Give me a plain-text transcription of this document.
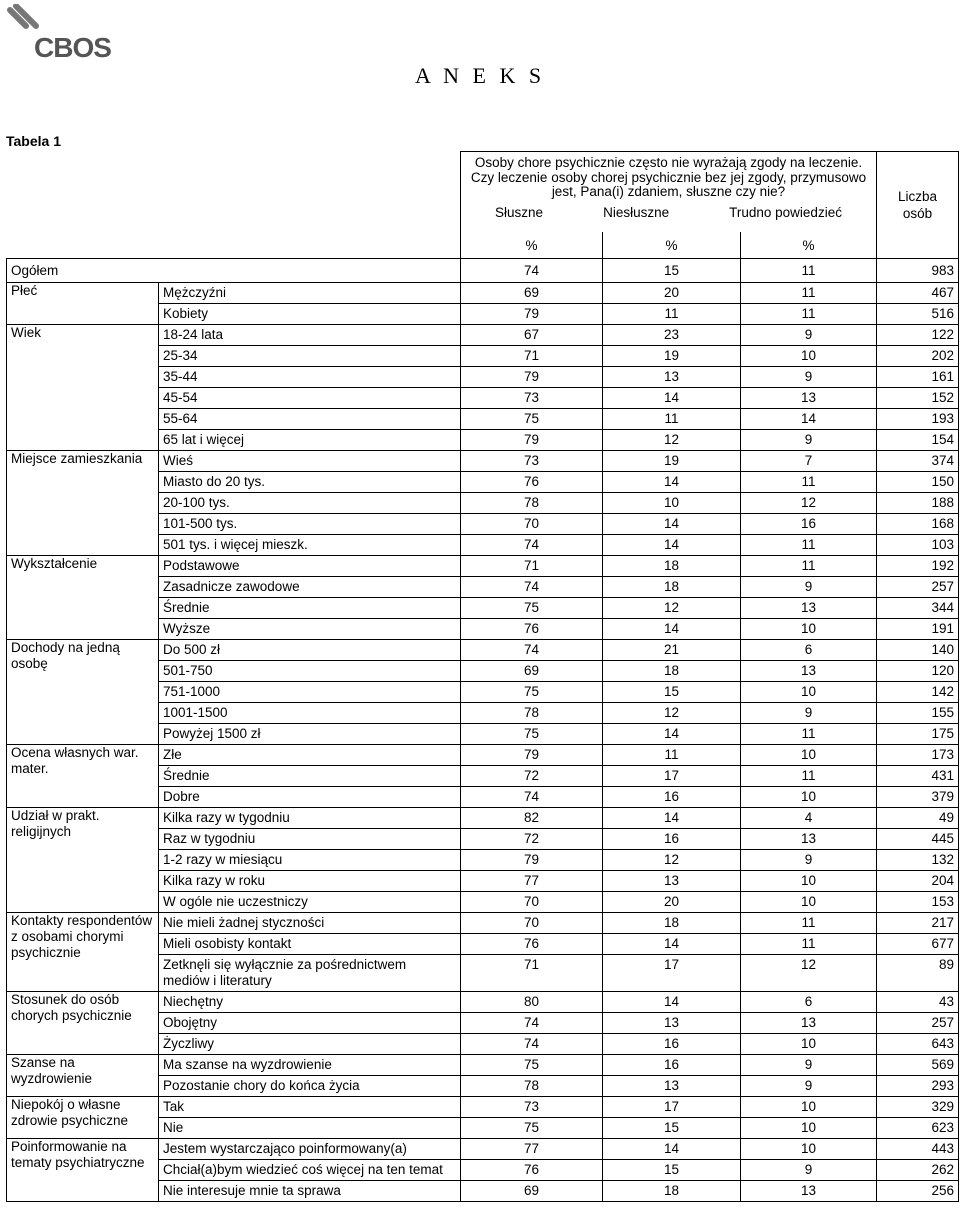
CBOS
A N E K S
Tabela 1

		Osoby chore psychicznie często nie wyrażają zgody na leczenie. Czy leczenie osoby chorej psychicznie bez jej zgody, przymusowo jest, Pana(i) zdaniem, słuszne czy nie?
Słuszne Niesłuszne Trudno powiedzieć			Liczba osób
		%	%	%	
Ogółem		74	15	11	983
Płeć	Mężczyźni	69	20	11	467
	Kobiety	79	11	11	516
Wiek	18-24 lata	67	23	9	122
	25-34	71	19	10	202
	35-44	79	13	9	161
	45-54	73	14	13	152
	55-64	75	11	14	193
	65 lat i więcej	79	12	9	154
Miejsce zamieszkania	Wieś	73	19	7	374
	Miasto do 20 tys.	76	14	11	150
	20-100 tys.	78	10	12	188
	101-500 tys.	70	14	16	168
	501 tys. i więcej mieszk.	74	14	11	103
Wykształcenie	Podstawowe	71	18	11	192
	Zasadnicze zawodowe	74	18	9	257
	Średnie	75	12	13	344
	Wyższe	76	14	10	191
Dochody na jedną osobę	Do 500 zł	74	21	6	140
	501-750	69	18	13	120
	751-1000	75	15	10	142
	1001-1500	78	12	9	155
	Powyżej 1500 zł	75	14	11	175
Ocena własnych war. mater.	Złe	79	11	10	173
	Średnie	72	17	11	431
	Dobre	74	16	10	379
Udział w prakt. religijnych	Kilka razy w tygodniu	82	14	4	49
	Raz w tygodniu	72	16	13	445
	1-2 razy w miesiącu	79	12	9	132
	Kilka razy w roku	77	13	10	204
	W ogóle nie uczestniczy	70	20	10	153
Kontakty respondentów z osobami chorymi psychicznie	Nie mieli żadnej styczności	70	18	11	217
	Mieli osobisty kontakt	76	14	11	677
	Zetknęli się wyłącznie za pośrednictwem mediów i literatury	71	17	12	89
Stosunek do osób chorych psychicznie	Niechętny	80	14	6	43
	Obojętny	74	13	13	257
	Życzliwy	74	16	10	643
Szanse na wyzdrowienie	Ma szanse na wyzdrowienie	75	16	9	569
	Pozostanie chory do końca życia	78	13	9	293
Niepokój o własne zdrowie psychiczne	Tak	73	17	10	329
	Nie	75	15	10	623
Poinformowanie na tematy psychiatryczne	Jestem wystarczająco poinformowany(a)	77	14	10	443
	Chciał(a)bym wiedzieć coś więcej na ten temat	76	15	9	262
	Nie interesuje mnie ta sprawa	69	18	13	256
